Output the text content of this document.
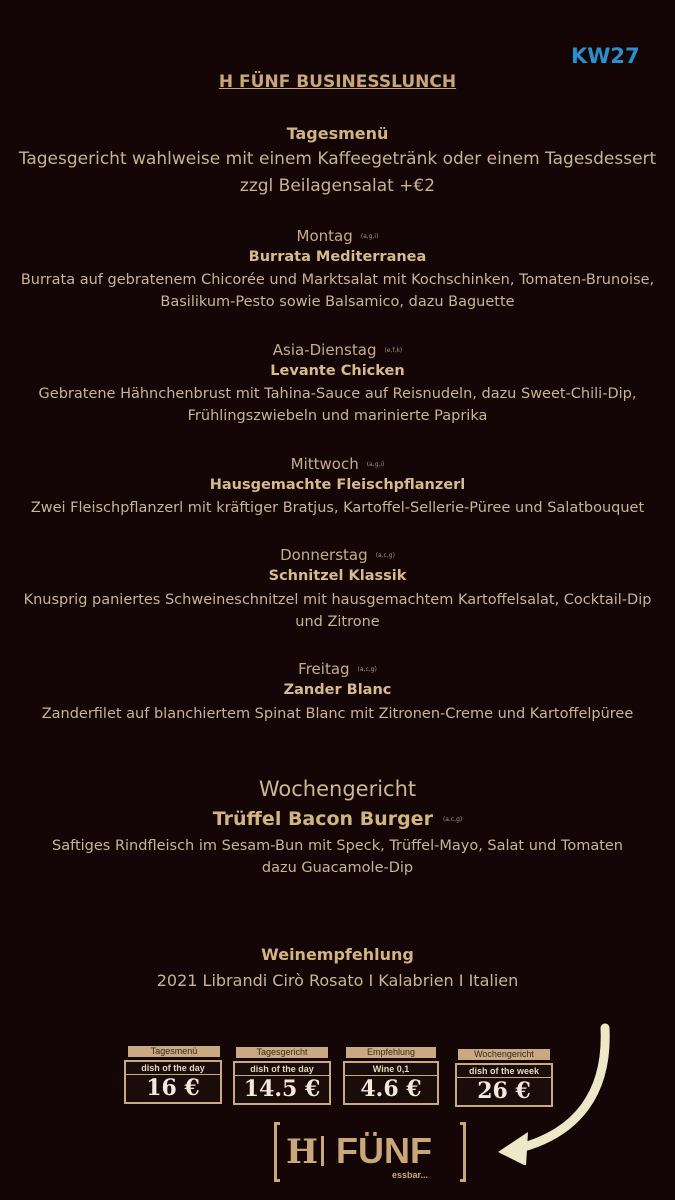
KW27
H FÜNF BUSINESSLUNCH
Tagesmenü
Tagesgericht wahlweise mit einem Kaffeegetränk oder einem Tagesdessert
zzgl Beilagensalat +€2
Montag (a,g,i)
Burrata Mediterranea
Burrata auf gebratenem Chicorée und Marktsalat mit Kochschinken, Tomaten-Brunoise,
Basilikum-Pesto sowie Balsamico, dazu Baguette
Asia-Dienstag (e,f,k)
Levante Chicken
Gebratene Hähnchenbrust mit Tahina-Sauce auf Reisnudeln, dazu Sweet-Chili-Dip,
Frühlingszwiebeln und marinierte Paprika
Mittwoch (a,g,i)
Hausgemachte Fleischpflanzerl
Zwei Fleischpflanzerl mit kräftiger Bratjus, Kartoffel-Sellerie-Püree und Salatbouquet
Donnerstag (a,c,g)
Schnitzel Klassik
Knusprig paniertes Schweineschnitzel mit hausgemachtem Kartoffelsalat, Cocktail-Dip
und Zitrone
Freitag (a,c,g)
Zander Blanc
Zanderfilet auf blanchiertem Spinat Blanc mit Zitronen-Creme und Kartoffelpüree
Wochengericht
Trüffel Bacon Burger (a,c,g)
Saftiges Rindfleisch im Sesam-Bun mit Speck, Trüffel-Mayo, Salat und Tomaten
dazu Guacamole-Dip
Weinempfehlung
2021 Librandi Cirò Rosato I Kalabrien I Italien
Tagesmenü
dish of the day
16 €
Tagesgericht
dish of the day
14.5 €
Empfehlung
Wine 0,1
4.6 €
Wochengericht
dish of the week
26 €
H FÜNF
essbar...
